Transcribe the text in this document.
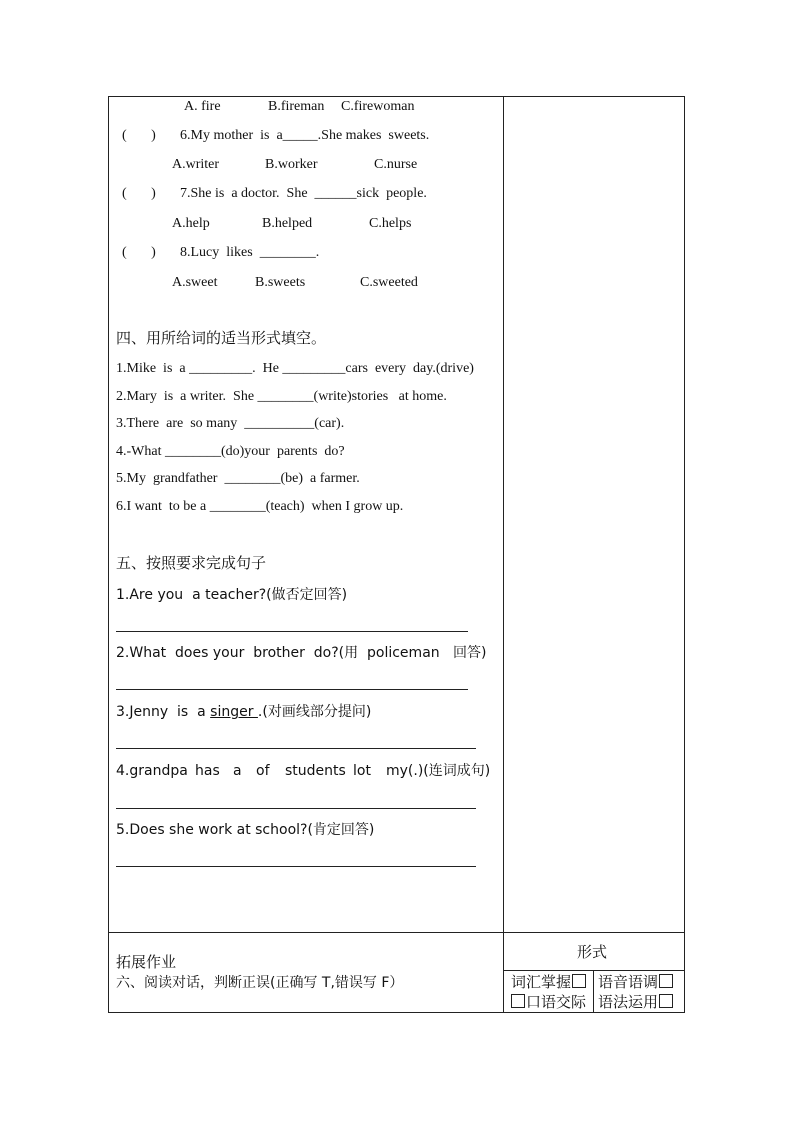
A. fire	B.fireman C.firewoman
(       ) 6.My mother  is  a_____.She makes  sweets.
A.writer	B.worker	C.nurse
(       ) 7.She is  a doctor.  She  ______sick  people.
A.help	B.helped	C.helps
(       ) 8.Lucy  likes  ________.
A.sweet	B.sweets	C.sweeted
四、用所给词的适当形式填空。
1.Mike  is  a _________.  He _________cars  every  day.(drive)
2.Mary  is  a writer.  She ________(write)stories   at home.
3.There  are  so many  __________(car).
4.-What ________(do)your  parents  do?
5.My  grandfather  ________(be)  a farmer.
6.I want  to be a ________(teach)  when I grow up.
五、按照要求完成句子
1.Are you  a teacher?(做否定回答)
2.What  does your  brother  do?(用  policeman   回答)
3.Jenny  is  a singer .(对画线部分提问)
4.grandpa has a of students lot my(.)(连词成句)
5.Does she work at school?(肯定回答)
拓展作业
六、阅读对话，判断正误(正确写 T,错误写 F）
形式
词汇掌握	语音语调
口语交际 语法运用
